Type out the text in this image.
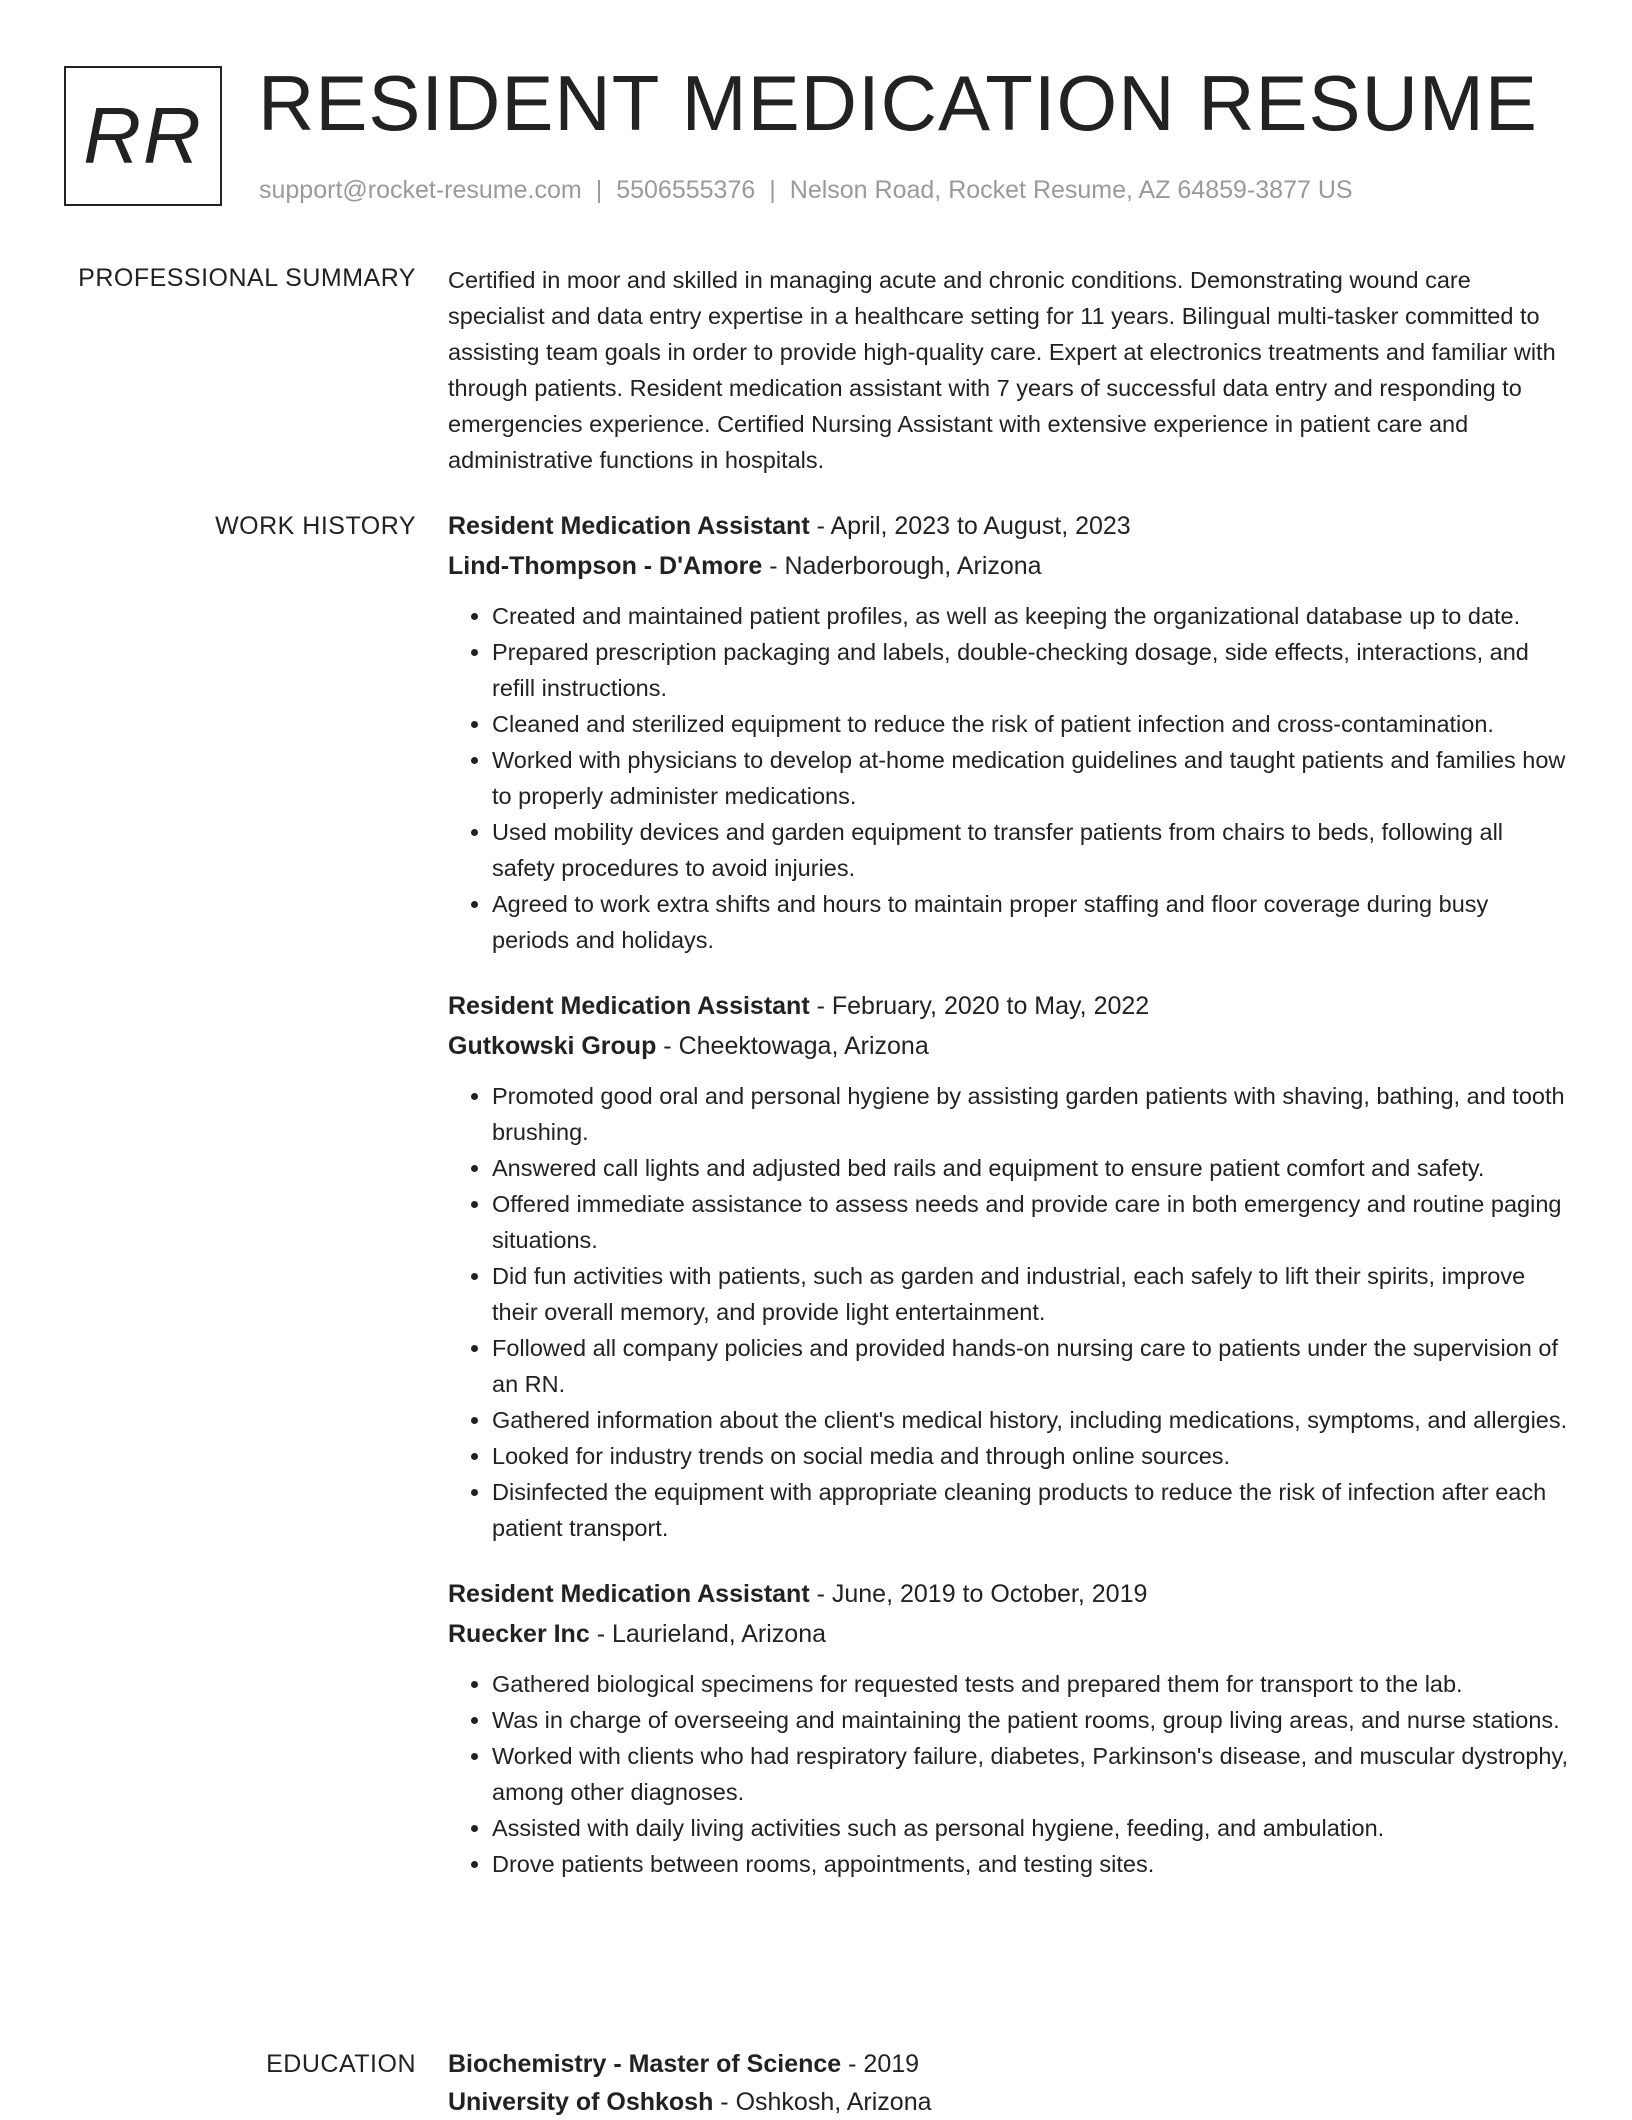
RR RESIDENT MEDICATION RESUME
support@rocket-resume.com | 5506555376 | Nelson Road, Rocket Resume, AZ 64859-3877 US
PROFESSIONAL SUMMARY Certified in moor and skilled in managing acute and chronic conditions. Demonstrating wound care specialist and data entry expertise in a healthcare setting for 11 years. Bilingual multi-tasker committed to assisting team goals in order to provide high-quality care. Expert at electronics treatments and familiar with through patients. Resident medication assistant with 7 years of successful data entry and responding to emergencies experience. Certified Nursing Assistant with extensive experience in patient care and administrative functions in hospitals.

WORK HISTORY Resident Medication Assistant - April, 2023 to August, 2023
Lind-Thompson - D'Amore - Naderborough, Arizona
• Created and maintained patient profiles, as well as keeping the organizational database up to date.
• Prepared prescription packaging and labels, double-checking dosage, side effects, interactions, and refill instructions.
• Cleaned and sterilized equipment to reduce the risk of patient infection and cross-contamination.
• Worked with physicians to develop at-home medication guidelines and taught patients and families how to properly administer medications.
• Used mobility devices and garden equipment to transfer patients from chairs to beds, following all safety procedures to avoid injuries.
• Agreed to work extra shifts and hours to maintain proper staffing and floor coverage during busy periods and holidays.
Resident Medication Assistant - February, 2020 to May, 2022
Gutkowski Group - Cheektowaga, Arizona
• Promoted good oral and personal hygiene by assisting garden patients with shaving, bathing, and tooth brushing.
• Answered call lights and adjusted bed rails and equipment to ensure patient comfort and safety.
• Offered immediate assistance to assess needs and provide care in both emergency and routine paging situations.
• Did fun activities with patients, such as garden and industrial, each safely to lift their spirits, improve their overall memory, and provide light entertainment.
• Followed all company policies and provided hands-on nursing care to patients under the supervision of an RN.
• Gathered information about the client's medical history, including medications, symptoms, and allergies.
• Looked for industry trends on social media and through online sources.
• Disinfected the equipment with appropriate cleaning products to reduce the risk of infection after each patient transport.
Resident Medication Assistant - June, 2019 to October, 2019
Ruecker Inc - Laurieland, Arizona
• Gathered biological specimens for requested tests and prepared them for transport to the lab.
• Was in charge of overseeing and maintaining the patient rooms, group living areas, and nurse stations.
• Worked with clients who had respiratory failure, diabetes, Parkinson's disease, and muscular dystrophy, among other diagnoses.
• Assisted with daily living activities such as personal hygiene, feeding, and ambulation.
• Drove patients between rooms, appointments, and testing sites.
EDUCATION Biochemistry - Master of Science - 2019
University of Oshkosh - Oshkosh, Arizona
